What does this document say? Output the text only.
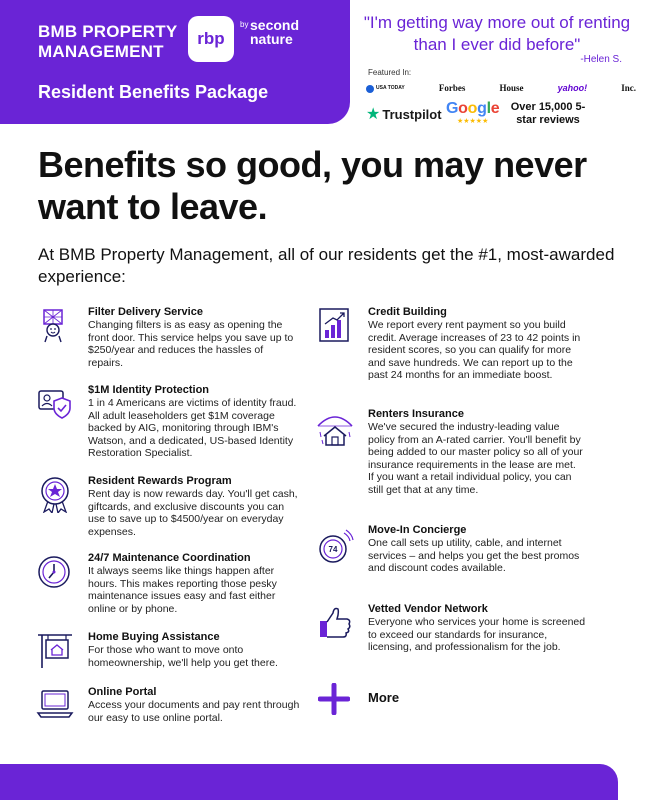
BMB PROPERTY MANAGEMENT
rbp
by second nature
Resident Benefits Package
"I'm getting way more out of renting than I ever did before"
-Helen S.
Featured In:
USA TODAY	Forbes	House	yahoo!	Inc.
★ Trustpilot Google
★★★★★
Over 15,000 5-star reviews
Benefits so good, you may never want to leave.
At BMB Property Management, all of our residents get the #1, most-awarded experience:
Filter Delivery Service
Changing filters is as easy as opening the front door. This service helps you save up to $250/year and reduces the hassles of repairs.
$1M Identity Protection
1 in 4 Americans are victims of identity fraud. All adult leaseholders get $1M coverage backed by AIG, monitoring through IBM's Watson, and a dedicated, US-based Identity Restoration Specialist.
Resident Rewards Program
Rent day is now rewards day. You'll get cash, giftcards, and exclusive discounts you can use to save up to $4500/year on everyday expenses.
24/7 Maintenance Coordination
It always seems like things happen after hours. This makes reporting those pesky maintenance issues easy and fast either online or by phone.
Home Buying Assistance
For those who want to move onto homeownership, we'll help you get there.
Online Portal
Access your documents and pay rent through our easy to use online portal.
Credit Building
We report every rent payment so you build credit. Average increases of 23 to 42 points in resident scores, so you can qualify for more and save hundreds. We can report up to the past 24 months for an immediate boost.
Renters Insurance
We've secured the industry-leading value policy from an A-rated carrier. You'll benefit by being added to our master policy so all of your insurance requirements in the lease are met. If you want a retail individual policy, you can still get that at any time.
74
Move-In Concierge
One call sets up utility, cable, and internet services – and helps you get the best promos and discount codes available.
Vetted Vendor Network
Everyone who services your home is screened to exceed our standards for insurance, licensing, and professionalism for the job.
More
